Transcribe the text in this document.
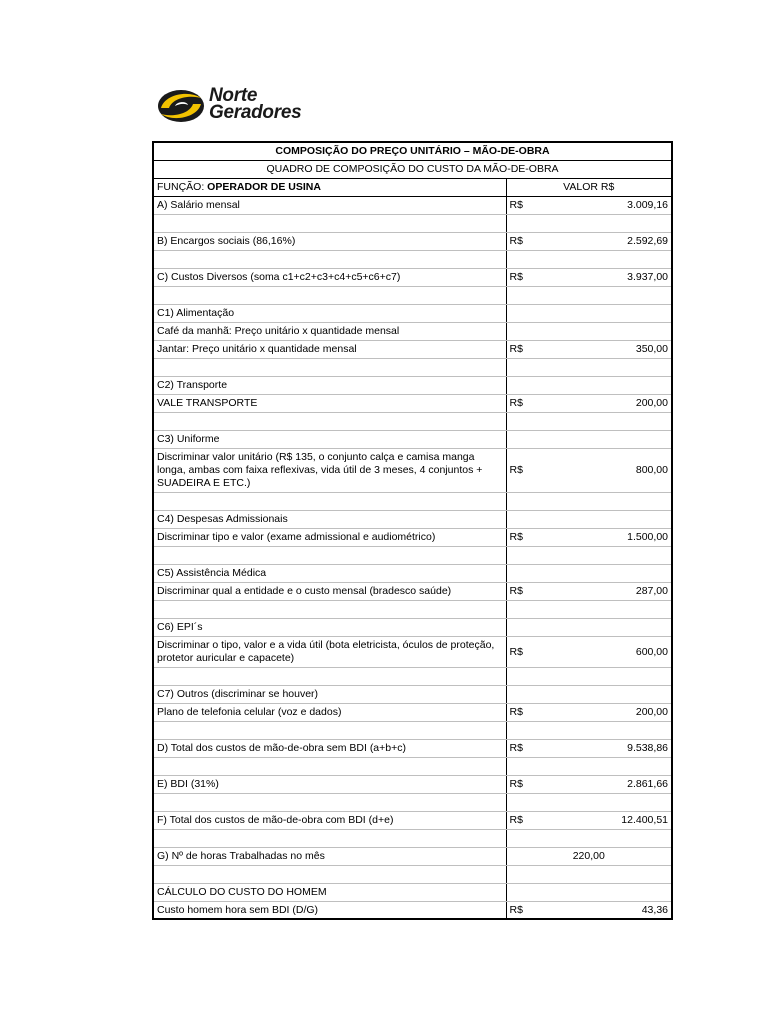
Norte
Geradores
COMPOSIÇÃO DO PREÇO UNITÁRIO – MÃO-DE-OBRA	
QUADRO DE COMPOSIÇÃO DO CUSTO DA MÃO-DE-OBRA	
FUNÇÃO: OPERADOR DE USINA	VALOR R$
A) Salário mensal	R$ 3.009,16

B) Encargos sociais (86,16%)	R$ 2.592,69

C) Custos Diversos (soma c1+c2+c3+c4+c5+c6+c7)	R$ 3.937,00

C1) Alimentação	

Café da manhã: Preço unitário x quantidade mensal	

Jantar: Preço unitário x quantidade mensal	R$ 350,00

C2) Transporte	

VALE TRANSPORTE	R$ 200,00

C3) Uniforme	

Discriminar valor unitário (R$ 135, o conjunto calça e camisa manga longa, ambas com faixa reflexivas, vida útil de 3 meses, 4 conjuntos + SUADEIRA E ETC.)	R$ 800,00

C4) Despesas Admissionais	

Discriminar tipo e valor (exame admissional e audiométrico)	R$ 1.500,00

C5) Assistência Médica	

Discriminar qual a entidade e o custo mensal (bradesco saúde)	R$ 287,00

C6) EPI´s	

Discriminar o tipo, valor e a vida útil (bota eletricista, óculos de proteção, protetor auricular e capacete)	R$ 600,00

C7) Outros (discriminar se houver)	

Plano de telefonia celular (voz e dados)	R$ 200,00

D) Total dos custos de mão-de-obra sem BDI (a+b+c)	R$ 9.538,86

E) BDI (31%)	R$ 2.861,66

F) Total dos custos de mão-de-obra com BDI (d+e)	R$ 12.400,51

G) Nº de horas Trabalhadas no mês	220,00

CÁLCULO DO CUSTO DO HOMEM	

Custo homem hora sem BDI (D/G)	R$ 43,36
